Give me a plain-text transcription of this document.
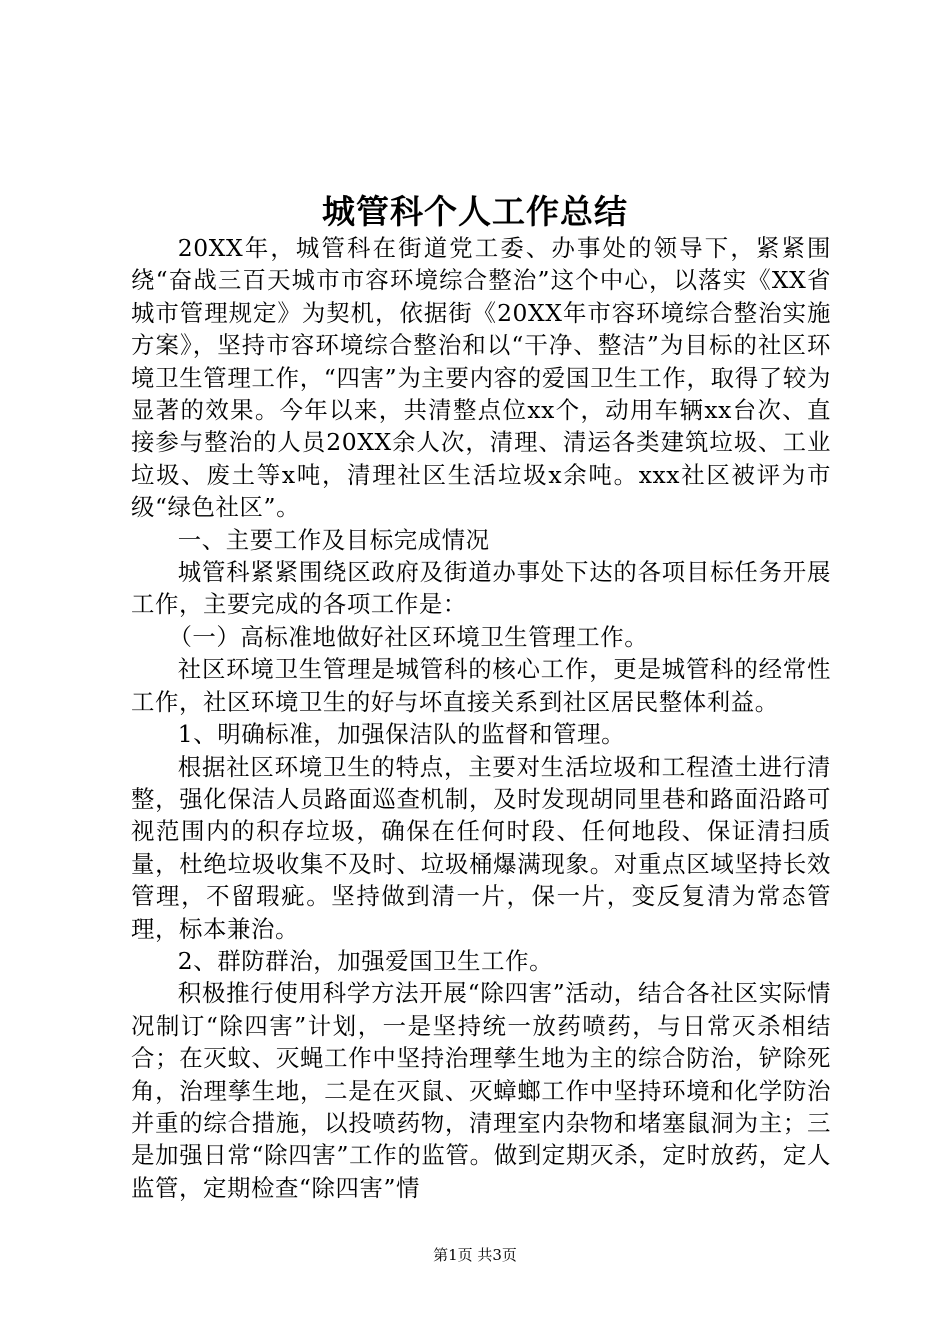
城管科个人工作总结

20XX年，城管科在街道党工委、办事处的领导下，紧紧围绕“奋战三百天城市市容环境综合整治”这个中心，以落实《XX省城市管理规定》为契机，依据街《20XX年市容环境综合整治实施方案》，坚持市容环境综合整治和以“干净、整洁”为目标的社区环境卫生管理工作，“四害”为主要内容的爱国卫生工作，取得了较为显著的效果。今年以来，共清整点位xx个，动用车辆xx台次、直接参与整治的人员20XX余人次，清理、清运各类建筑垃圾、工业垃圾、废土等x吨，清理社区生活垃圾x余吨。xxx社区被评为市级“绿色社区”。

一、主要工作及目标完成情况

城管科紧紧围绕区政府及街道办事处下达的各项目标任务开展工作，主要完成的各项工作是：

（一）高标准地做好社区环境卫生管理工作。

社区环境卫生管理是城管科的核心工作，更是城管科的经常性工作，社区环境卫生的好与坏直接关系到社区居民整体利益。

1、明确标准，加强保洁队的监督和管理。

根据社区环境卫生的特点，主要对生活垃圾和工程渣土进行清整，强化保洁人员路面巡查机制，及时发现胡同里巷和路面沿路可视范围内的积存垃圾，确保在任何时段、任何地段、保证清扫质量，杜绝垃圾收集不及时、垃圾桶爆满现象。对重点区域坚持长效管理，不留瑕疵。坚持做到清一片，保一片，变反复清为常态管理，标本兼治。

2、群防群治，加强爱国卫生工作。

积极推行使用科学方法开展“除四害”活动，结合各社区实际情况制订“除四害”计划，一是坚持统一放药喷药，与日常灭杀相结合；在灭蚊、灭蝇工作中坚持治理孳生地为主的综合防治，铲除死角，治理孳生地，二是在灭鼠、灭蟑螂工作中坚持环境和化学防治并重的综合措施，以投喷药物，清理室内杂物和堵塞鼠洞为主；三是加强日常“除四害”工作的监管。做到定期灭杀，定时放药，定人监管，定期检查“除四害”情

第1页 共3页
